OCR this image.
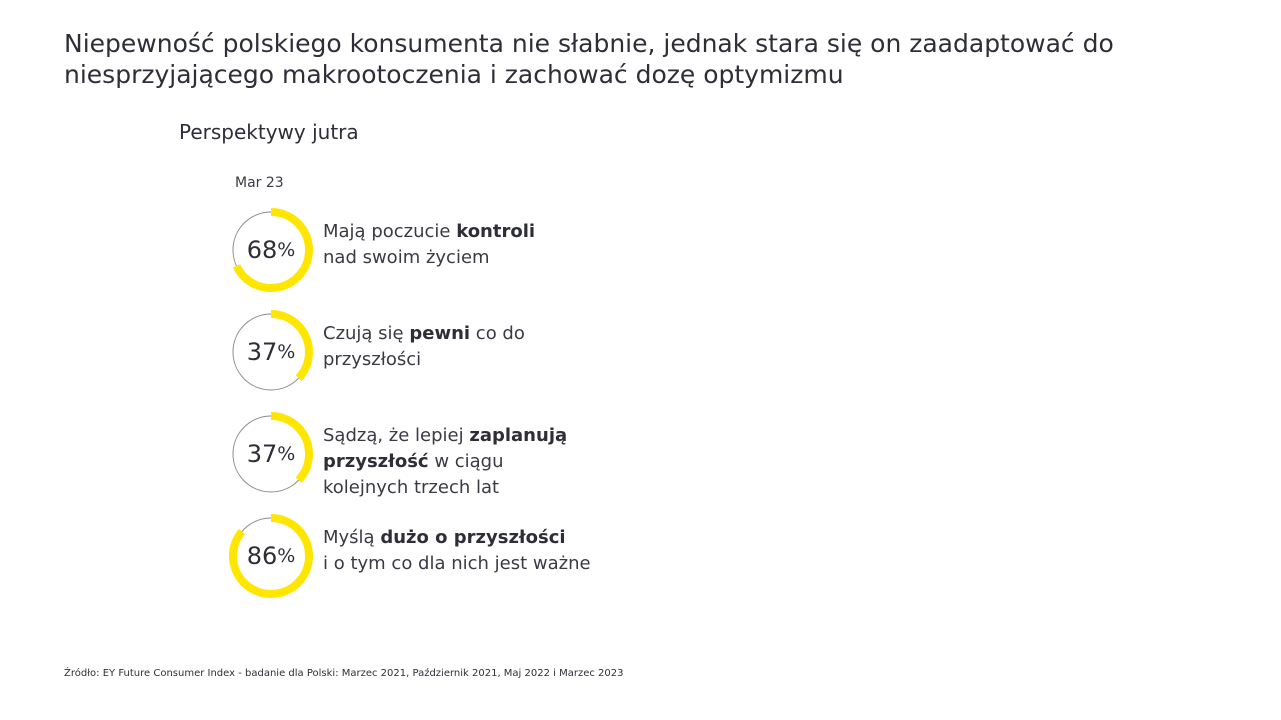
Niepewność polskiego konsumenta nie słabnie, jednak stara się on zaadaptować do niesprzyjającego makrootoczenia i zachować dozę optymizmu
Perspektywy jutra
Mar 23
68 %
Mają poczucie kontroli
nad swoim życiem
37 %
Czują się pewni co do
przyszłości
37 %
Sądzą, że lepiej zaplanują
przyszłość w ciągu
kolejnych trzech lat
86 %
Myślą dużo o przyszłości
i o tym co dla nich jest ważne
Źródło: EY Future Consumer Index - badanie dla Polski: Marzec 2021, Październik 2021, Maj 2022 i Marzec 2023
